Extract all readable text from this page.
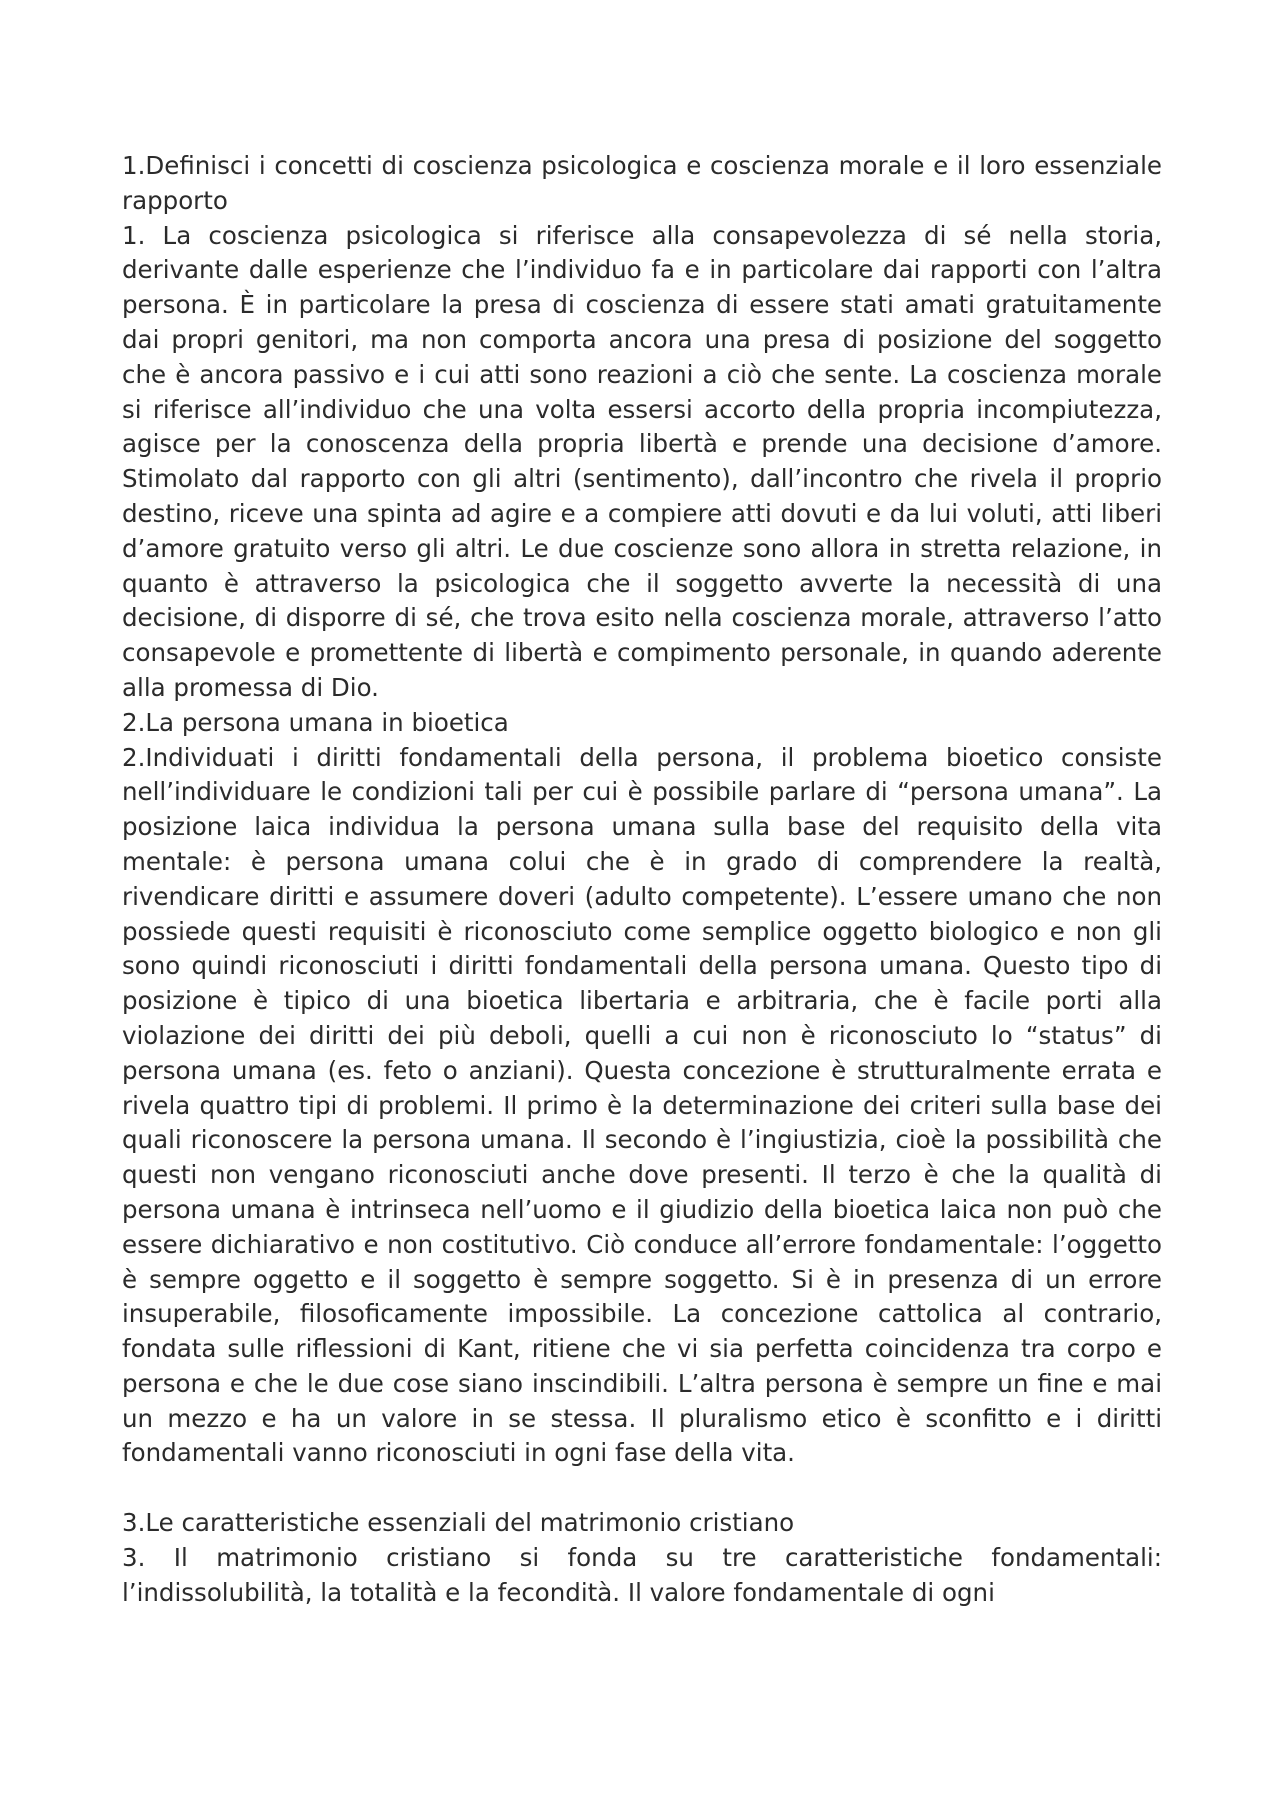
1.Definisci i concetti di coscienza psicologica e coscienza morale e il loro essenziale rapporto

1. La coscienza psicologica si riferisce alla consapevolezza di sé nella storia, derivante dalle esperienze che l’individuo fa e in particolare dai rapporti con l’altra persona. È in particolare la presa di coscienza di essere stati amati gratuitamente dai propri genitori, ma non comporta ancora una presa di posizione del soggetto che è ancora passivo e i cui atti sono reazioni a ciò che sente. La coscienza morale si riferisce all’individuo che una volta essersi accorto della propria incompiutezza, agisce per la conoscenza della propria libertà e prende una decisione d’amore. Stimolato dal rapporto con gli altri (sentimento), dall’incontro che rivela il proprio destino, riceve una spinta ad agire e a compiere atti dovuti e da lui voluti, atti liberi d’amore gratuito verso gli altri. Le due coscienze sono allora in stretta relazione, in quanto è attraverso la psicologica che il soggetto avverte la necessità di una decisione, di disporre di sé, che trova esito nella coscienza morale, attraverso l’atto consapevole e promettente di libertà e compimento personale, in quando aderente alla promessa di Dio.

2.La persona umana in bioetica

2.Individuati i diritti fondamentali della persona, il problema bioetico consiste nell’individuare le condizioni tali per cui è possibile parlare di “persona umana”. La posizione laica individua la persona umana sulla base del requisito della vita mentale: è persona umana colui che è in grado di comprendere la realtà, rivendicare diritti e assumere doveri (adulto competente). L’essere umano che non possiede questi requisiti è riconosciuto come semplice oggetto biologico e non gli sono quindi riconosciuti i diritti fondamentali della persona umana. Questo tipo di posizione è tipico di una bioetica libertaria e arbitraria, che è facile porti alla violazione dei diritti dei più deboli, quelli a cui non è riconosciuto lo “status” di persona umana (es. feto o anziani). Questa concezione è strutturalmente errata e rivela quattro tipi di problemi. Il primo è la determinazione dei criteri sulla base dei quali riconoscere la persona umana. Il secondo è l’ingiustizia, cioè la possibilità che questi non vengano riconosciuti anche dove presenti. Il terzo è che la qualità di persona umana è intrinseca nell’uomo e il giudizio della bioetica laica non può che essere dichiarativo e non costitutivo. Ciò conduce all’errore fondamentale: l’oggetto è sempre oggetto e il soggetto è sempre soggetto. Si è in presenza di un errore insuperabile, filosoficamente impossibile. La concezione cattolica al contrario, fondata sulle riflessioni di Kant, ritiene che vi sia perfetta coincidenza tra corpo e persona e che le due cose siano inscindibili. L’altra persona è sempre un fine e mai un mezzo e ha un valore in se stessa. Il pluralismo etico è sconfitto e i diritti fondamentali vanno riconosciuti in ogni fase della vita.

3.Le caratteristiche essenziali del matrimonio cristiano

3. Il matrimonio cristiano si fonda su tre caratteristiche fondamentali: l’indissolubilità, la totalità e la fecondità. Il valore fondamentale di ogni
